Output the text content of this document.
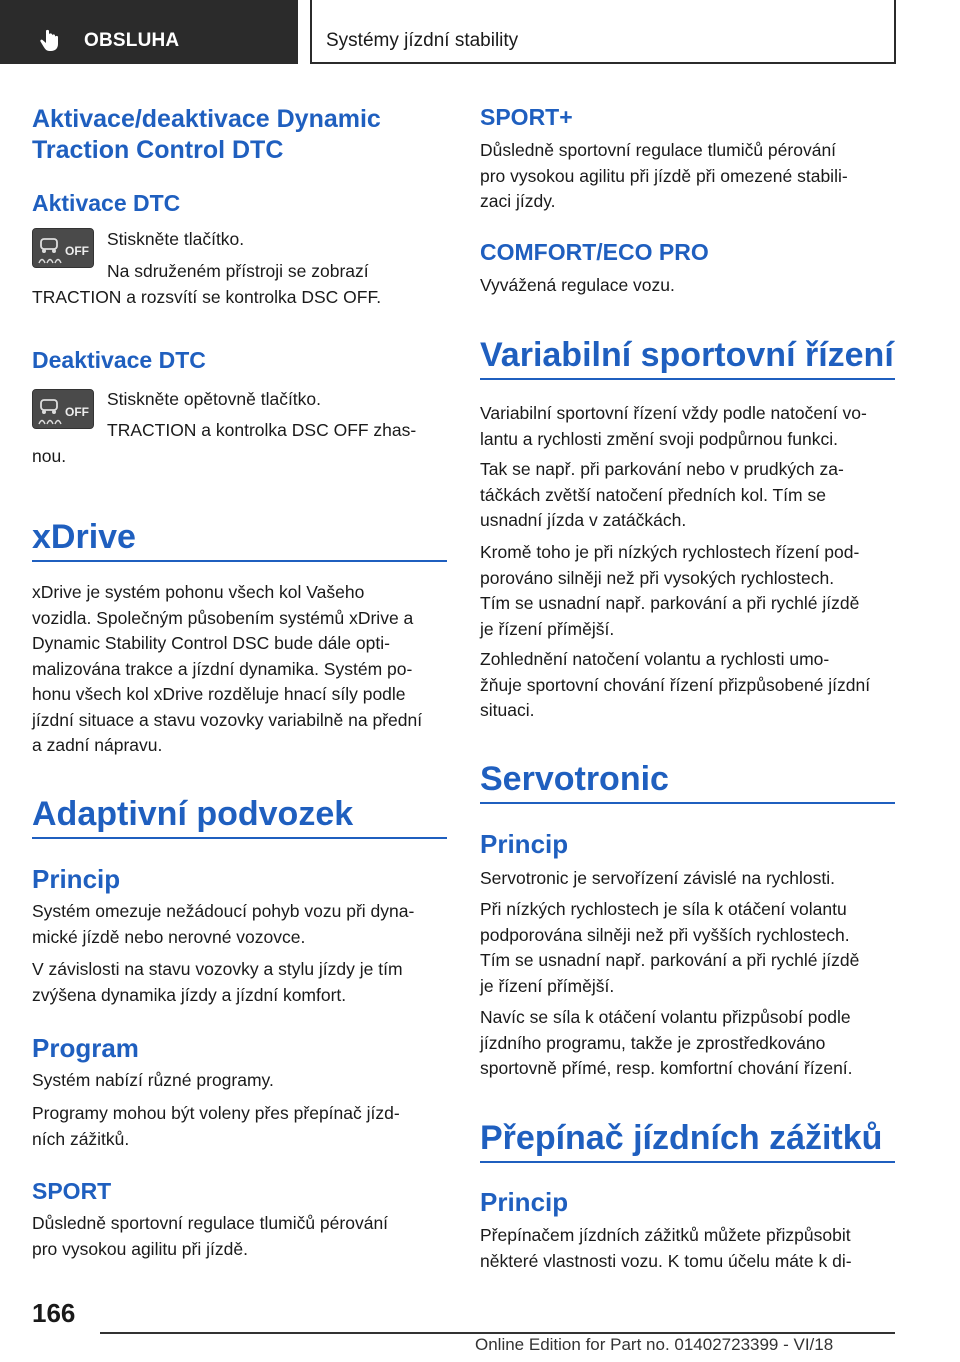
OBSLUHA	Systémy jízdní stability
Aktivace/deaktivace Dynamic
Traction Control DTC
Aktivace DTC
OFF
Stiskněte tlačítko.
Na sdruženém přístroji se zobrazí
TRACTION a rozsvítí se kontrolka DSC OFF.
Deaktivace DTC
OFF
Stiskněte opětovně tlačítko.
TRACTION a kontrolka DSC OFF zhas‐
nou.
xDrive
xDrive je systém pohonu všech kol Vašeho
vozidla. Společným působením systémů xDrive a
Dynamic Stability Control DSC bude dále opti‐
malizována trakce a jízdní dynamika. Systém po‐
honu všech kol xDrive rozděluje hnací síly podle
jízdní situace a stavu vozovky variabilně na přední
a zadní nápravu.
Adaptivní podvozek
Princip
Systém omezuje nežádoucí pohyb vozu při dyna‐
mické jízdě nebo nerovné vozovce.
V závislosti na stavu vozovky a stylu jízdy je tím
zvýšena dynamika jízdy a jízdní komfort.
Program
Systém nabízí různé programy.
Programy mohou být voleny přes přepínač jízd‐
ních zážitků.
SPORT
Důsledně sportovní regulace tlumičů pérování
pro vysokou agilitu při jízdě.
SPORT+
Důsledně sportovní regulace tlumičů pérování
pro vysokou agilitu při jízdě při omezené stabili‐
zaci jízdy.
COMFORT/ECO PRO
Vyvážená regulace vozu.
Variabilní sportovní řízení
Variabilní sportovní řízení vždy podle natočení vo‐
lantu a rychlosti změní svoji podpůrnou funkci.
Tak se např. při parkování nebo v prudkých za‐
táčkách zvětší natočení předních kol. Tím se
usnadní jízda v zatáčkách.
Kromě toho je při nízkých rychlostech řízení pod‐
porováno silněji než při vysokých rychlostech.
Tím se usnadní např. parkování a při rychlé jízdě
je řízení přímější.
Zohlednění natočení volantu a rychlosti umo‐
žňuje sportovní chování řízení přizpůsobené jízdní
situaci.
Servotronic
Princip
Servotronic je servořízení závislé na rychlosti.
Při nízkých rychlostech je síla k otáčení volantu
podporována silněji než při vyšších rychlostech.
Tím se usnadní např. parkování a při rychlé jízdě
je řízení přímější.
Navíc se síla k otáčení volantu přizpůsobí podle
jízdního programu, takže je zprostředkováno
sportovně přímé, resp. komfortní chování řízení.
Přepínač jízdních zážitků
Princip
Přepínačem jízdních zážitků můžete přizpůsobit
některé vlastnosti vozu. K tomu účelu máte k di‐
166
Online Edition for Part no. 01402723399 - VI/18
